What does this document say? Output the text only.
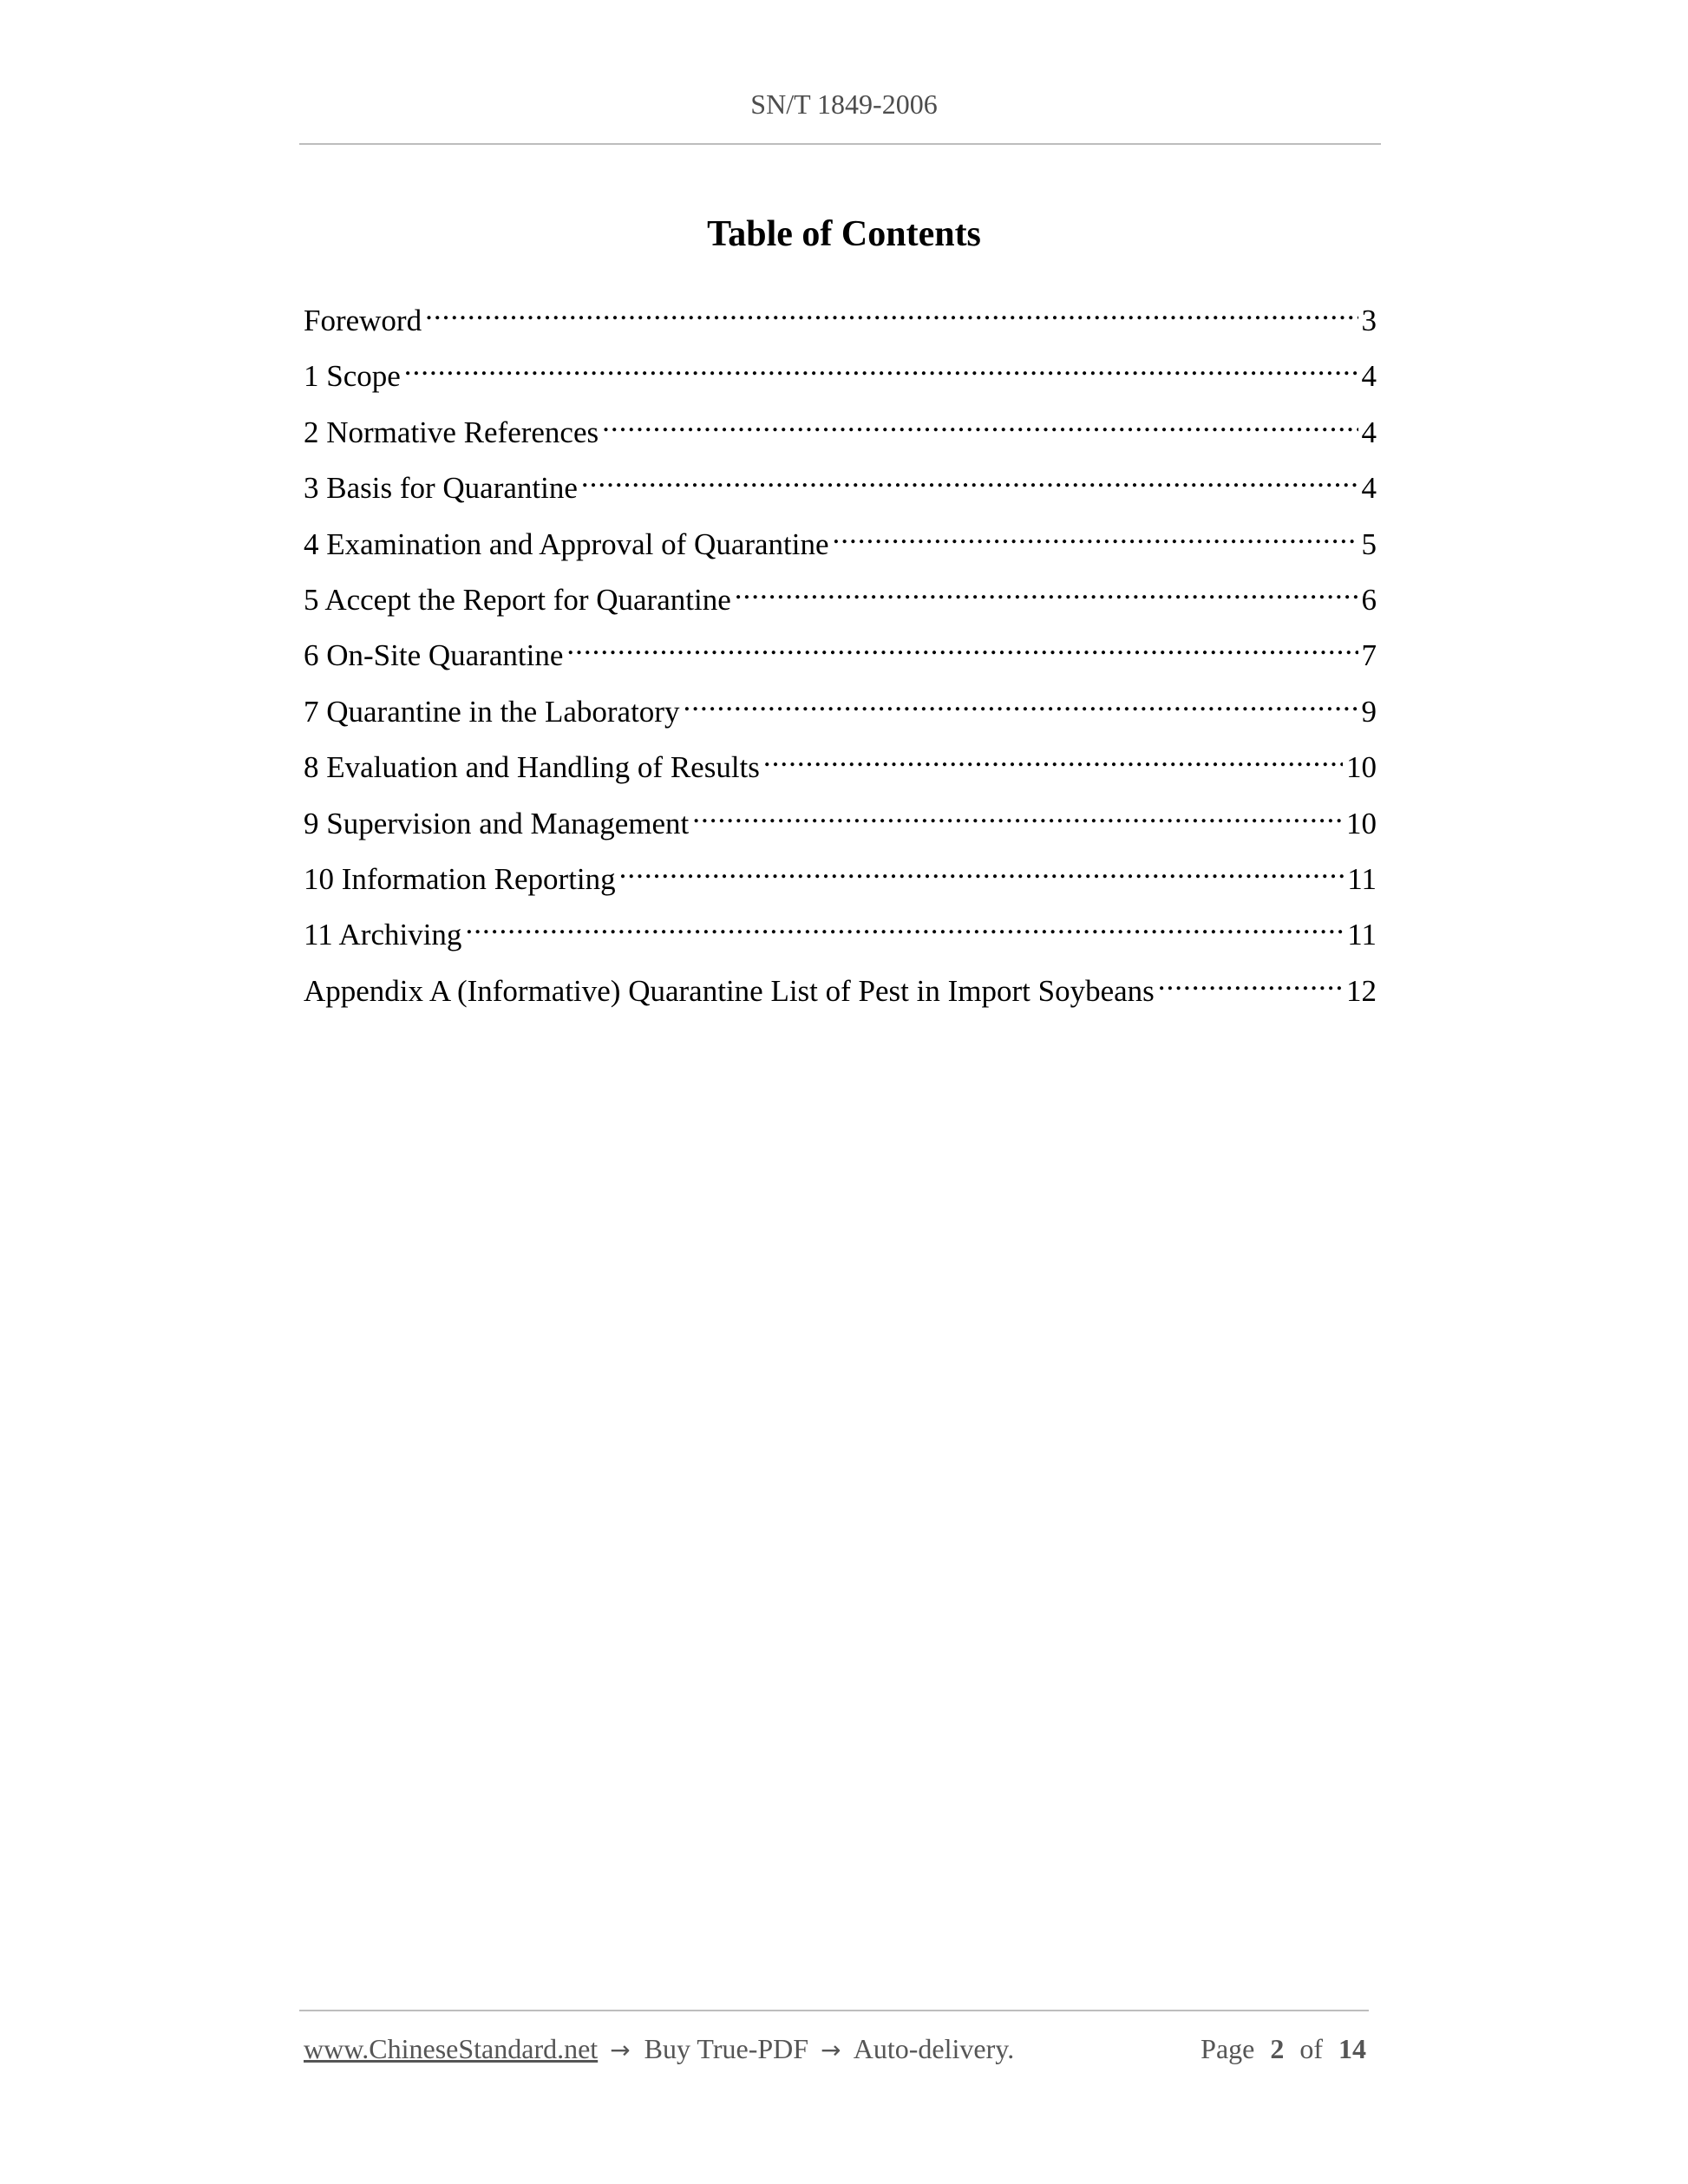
SN/T 1849-2006
Table of Contents
Foreword .....	3
1 Scope .....	4
2 Normative References .....	4
3 Basis for Quarantine .....	4
4 Examination and Approval of Quarantine .....	5
5 Accept the Report for Quarantine .....	6
6 On-Site Quarantine .....	7
7 Quarantine in the Laboratory .....	9
8 Evaluation and Handling of Results .....	10
9 Supervision and Management .....	10
10 Information Reporting .....	11
11 Archiving .....	11
Appendix A (Informative) Quarantine List of Pest in Import Soybeans .....	12
www.ChineseStandard.net → Buy True-PDF → Auto-delivery.	Page 2 of 14
